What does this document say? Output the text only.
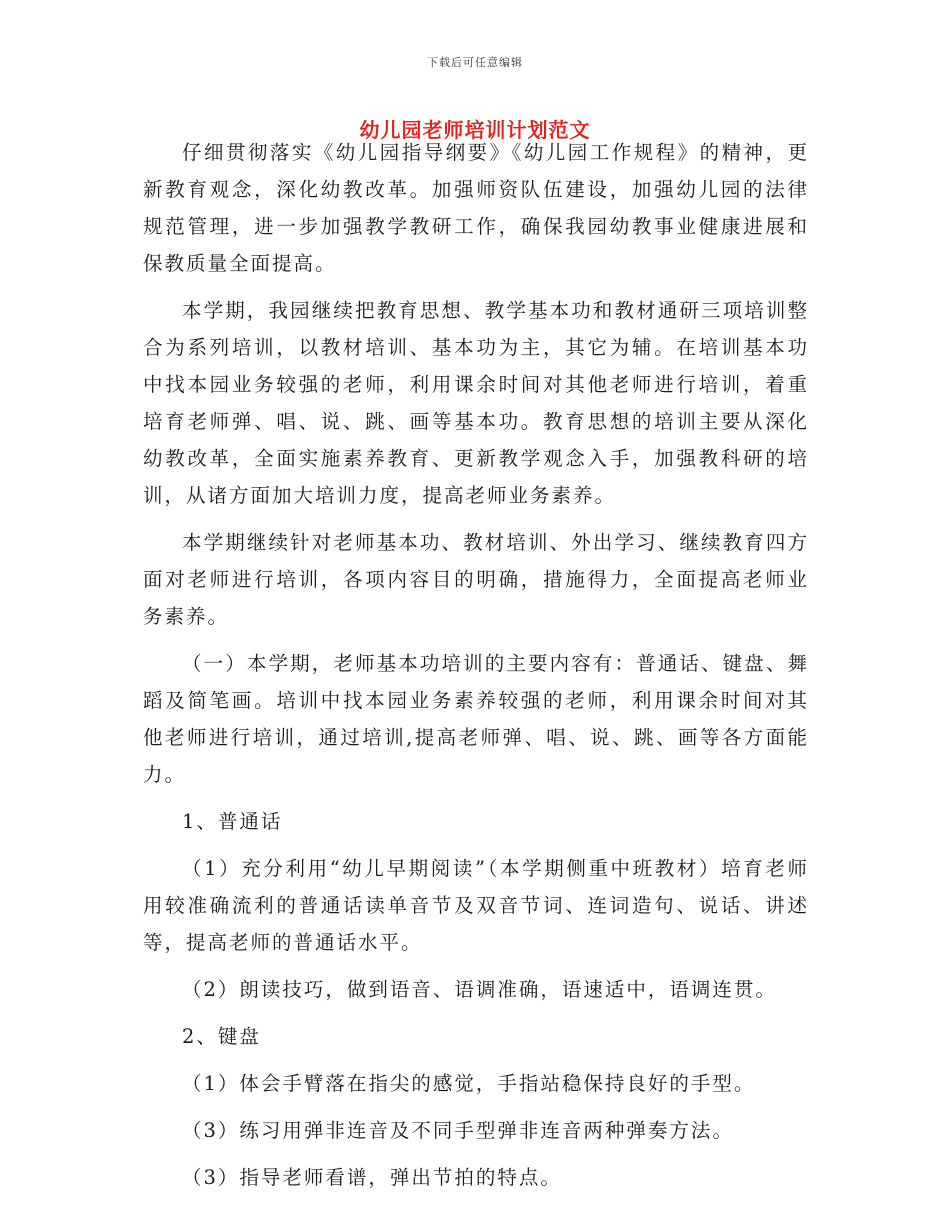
下载后可任意编辑
幼儿园老师培训计划范文

仔细贯彻落实《幼儿园指导纲要》《幼儿园工作规程》的精神，更新教育观念，深化幼教改革。加强师资队伍建设，加强幼儿园的法律规范管理，进一步加强教学教研工作，确保我园幼教事业健康进展和保教质量全面提高。

本学期，我园继续把教育思想、教学基本功和教材通研三项培训整合为系列培训，以教材培训、基本功为主，其它为辅。在培训基本功中找本园业务较强的老师，利用课余时间对其他老师进行培训，着重培育老师弹、唱、说、跳、画等基本功。教育思想的培训主要从深化幼教改革，全面实施素养教育、更新教学观念入手，加强教科研的培训，从诸方面加大培训力度，提高老师业务素养。

本学期继续针对老师基本功、教材培训、外出学习、继续教育四方面对老师进行培训，各项内容目的明确，措施得力，全面提高老师业务素养。

（一）本学期，老师基本功培训的主要内容有：普通话、键盘、舞蹈及简笔画。培训中找本园业务素养较强的老师，利用课余时间对其他老师进行培训，通过培训,提高老师弹、唱、说、跳、画等各方面能力。

1、普通话

（1）充分利用“幼儿早期阅读”（本学期侧重中班教材）培育老师用较准确流利的普通话读单音节及双音节词、连词造句、说话、讲述等，提高老师的普通话水平。

（2）朗读技巧，做到语音、语调准确，语速适中，语调连贯。

2、键盘

（1）体会手臂落在指尖的感觉，手指站稳保持良好的手型。

（3）练习用弹非连音及不同手型弹非连音两种弹奏方法。

（3）指导老师看谱，弹出节拍的特点。
